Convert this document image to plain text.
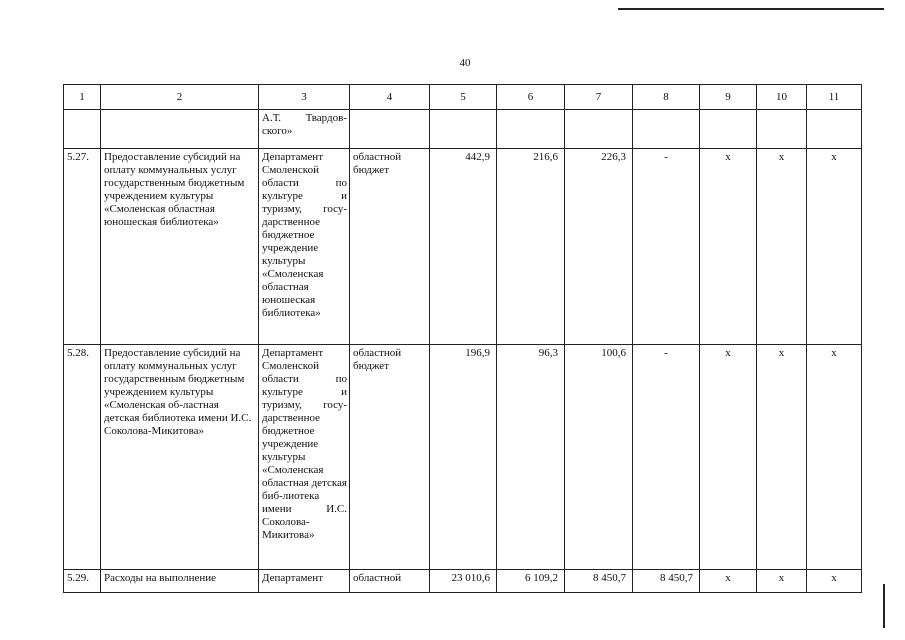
40
1	2	3	4	5	6	7	8	9	10	11
		А.Т. Твардов-ского»								
5.27.	Предоставление субсидий на оплату коммунальных услуг государственным бюджетным учреждением культуры «Смоленская областная юношеская библиотека»	Департамент Смоленской области по культуре и туризму, госу-дарственное бюджетное учреждение культуры «Смоленская областная юношеская библиотека»	областной бюджет	442,9	216,6	226,3	-	х	х	х
5.28.	Предоставление субсидий на оплату коммунальных услуг государственным бюджетным учреждением культуры «Смоленская об-ластная детская библиотека имени И.С. Соколова-Микитова»	Департамент Смоленской области по культуре и туризму, госу-дарственное бюджетное учреждение культуры «Смоленская областная детская биб-лиотека имени И.С. Соколова-Микитова»	областной бюджет	196,9	96,3	100,6	-	х	х	х
5.29.	Расходы на выполнение	Департамент	областной	23 010,6	6 109,2	8 450,7	8 450,7	х	х	х
